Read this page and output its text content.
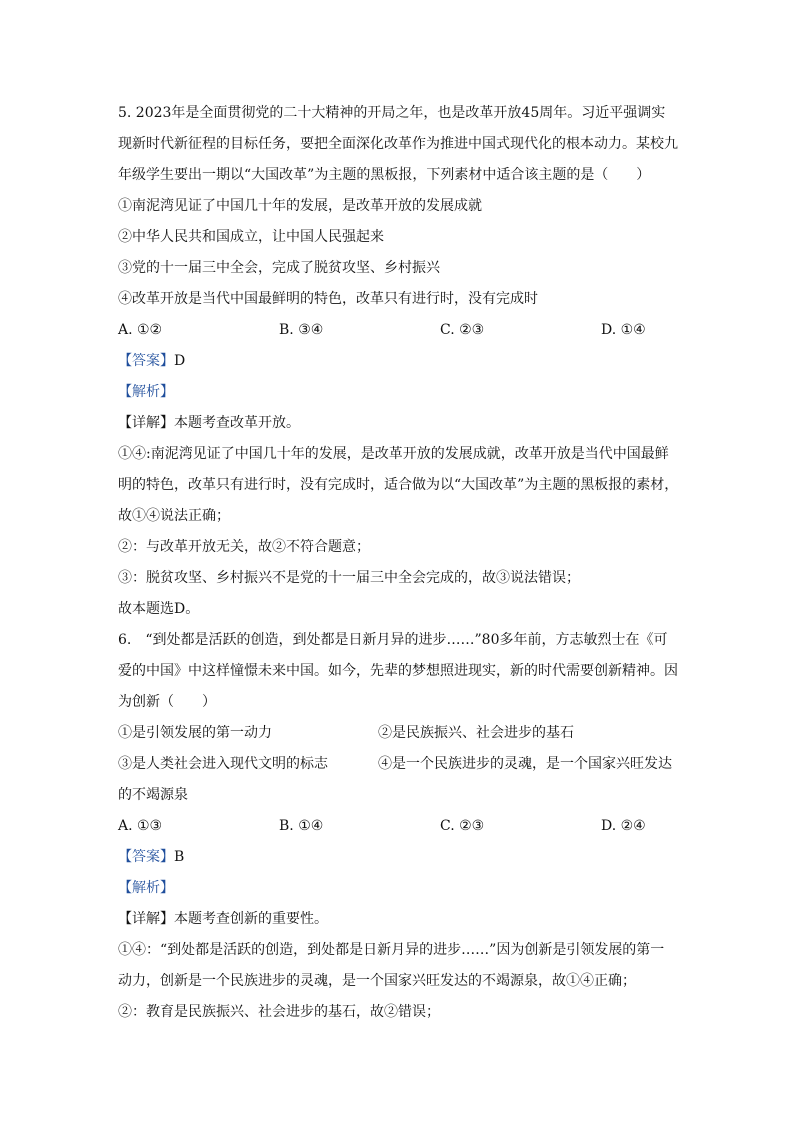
5. 2023年是全面贯彻党的二十大精神的开局之年，也是改革开放45周年。习近平强调实
现新时代新征程的目标任务，要把全面深化改革作为推进中国式现代化的根本动力。某校九
年级学生要出一期以“大国改革”为主题的黑板报，下列素材中适合该主题的是（　　）
①南泥湾见证了中国几十年的发展，是改革开放的发展成就
②中华人民共和国成立，让中国人民强起来
③党的十一届三中全会，完成了脱贫攻坚、乡村振兴
④改革开放是当代中国最鲜明的特色，改革只有进行时，没有完成时
A. ①②	B. ③④	C. ②③	D. ①④
【答案】D
【解析】
【详解】本题考查改革开放。
①④:南泥湾见证了中国几十年的发展，是改革开放的发展成就，改革开放是当代中国最鲜
明的特色，改革只有进行时，没有完成时，适合做为以“大国改革”为主题的黑板报的素材，
故①④说法正确；
②：与改革开放无关，故②不符合题意；
③：脱贫攻坚、乡村振兴不是党的十一届三中全会完成的，故③说法错误；
故本题选D。
6.　“到处都是活跃的创造，到处都是日新月异的进步……”80多年前，方志敏烈士在《可
爱的中国》中这样憧憬未来中国。如今，先辈的梦想照进现实，新的时代需要创新精神。因
为创新（　　）
①是引领发展的第一动力	②是民族振兴、社会进步的基石
③是人类社会进入现代文明的标志	④是一个民族进步的灵魂，是一个国家兴旺发达
的不竭源泉
A. ①③	B. ①④	C. ②③	D. ②④
【答案】B
【解析】
【详解】本题考查创新的重要性。
①④：“到处都是活跃的创造，到处都是日新月异的进步……”因为创新是引领发展的第一
动力，创新是一个民族进步的灵魂，是一个国家兴旺发达的不竭源泉，故①④正确；
②：教育是民族振兴、社会进步的基石，故②错误；
